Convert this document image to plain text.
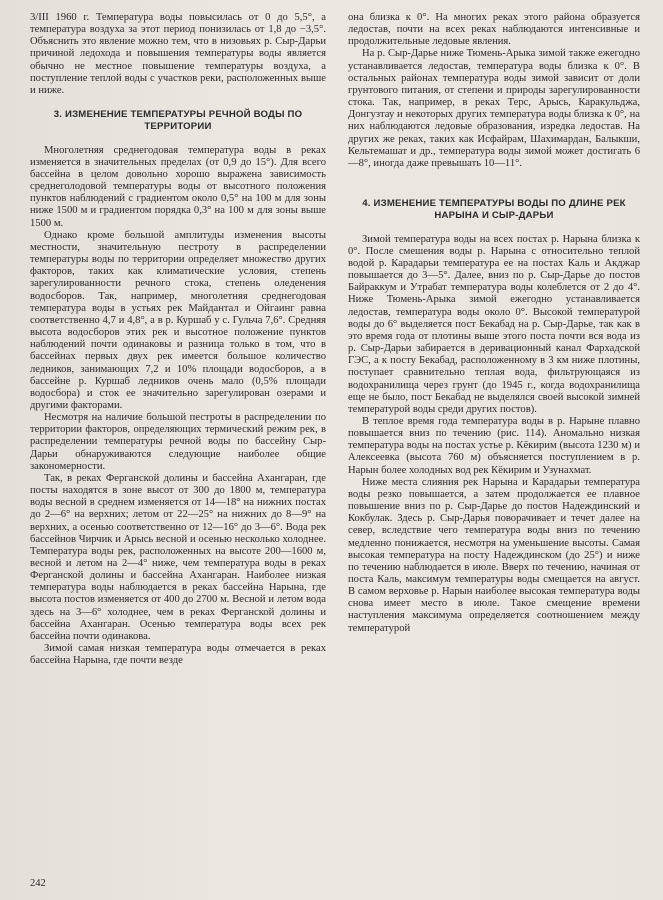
3/III 1960 г. Температура воды повысилась от 0 до 5,5°, а температура воздуха за этот период понизилась от 1,8 до −3,5°. Объяснить это явление можно тем, что в низовьях р. Сыр-Дарьи причиной ледохода и повышения температуры воды является обычно не местное повышение температуры воздуха, а поступление теплой воды с участков реки, расположенных выше и ниже.

3. ИЗМЕНЕНИЕ ТЕМПЕРАТУРЫ РЕЧНОЙ ВОДЫ ПО ТЕРРИТОРИИ

Многолетняя среднегодовая температура воды в реках изменяется в значительных пределах (от 0,9 до 15°). Для всего бассейна в целом довольно хорошо выражена зависимость среднеголодовой температуры воды от высотного положения пунктов наблюдений с градиентом около 0,5° на 100 м для зоны ниже 1500 м и градиентом порядка 0,3° на 100 м для зоны выше 1500 м.

Однако кроме большой амплитуды изменения высоты местности, значительную пестроту в распределении температуры воды по территории определяет множество других факторов, таких как климатические условия, степень зарегулированности речного стока, степень оледенения водосборов. Так, например, многолетняя среднегодовая температура воды в устьях рек Майдантал и Ойгаинг равна соответственно 4,7 и 4,8°, а в р. Куршаб у с. Гульча 7,6°. Средняя высота водосборов этих рек и высотное положение пунктов наблюдений почти одинаковы и разница только в том, что в бассейнах первых двух рек имеется большое количество ледников, занимающих 7,2 и 10% площади водосборов, а в бассейне р. Куршаб ледников очень мало (0,5% площади водосбора) и сток ее значительно зарегулирован озерами и другими факторами.

Несмотря на наличие большой пестроты в распределении по территории факторов, определяющих термический режим рек, в распределении температуры речной воды по бассейну Сыр-Дарьи обнаруживаются следующие наиболее общие закономерности.

Так, в реках Ферганской долины и бассейна Ахангаран, где посты находятся в зоне высот от 300 до 1800 м, температура воды весной в среднем изменяется от 14—18° на нижних постах до 2—6° на верхних; летом от 22—25° на нижних до 8—9° на верхних, а осенью соответственно от 12—16° до 3—6°. Вода рек бассейнов Чирчик и Арысь весной и осенью несколько холоднее. Температура воды рек, расположенных на высоте 200—1600 м, весной и летом на 2—4° ниже, чем температура воды в реках Ферганской долины и бассейна Ахангаран. Наиболее низкая температура воды наблюдается в реках бассейна Нарына, где высота постов изменяется от 400 до 2700 м. Весной и летом вода здесь на 3—6° холоднее, чем в реках Ферганской долины и бассейна Ахангаран. Осенью температура воды всех рек бассейна почти одинакова.

Зимой самая низкая температура воды отмечается в реках бассейна Нарына, где почти везде

она близка к 0°. На многих реках этого района образуется ледостав, почти на всех реках наблюдаются интенсивные и продолжительные ледовые явления.

На р. Сыр-Дарье ниже Тюмень-Арыка зимой также ежегодно устанавливается ледостав, температура воды близка к 0°. В остальных районах температура воды зимой зависит от доли грунтового питания, от степени и природы зарегулированности стока. Так, например, в реках Терс, Арысь, Каракульджа, Донгузтау и некоторых других температура воды близка к 0°, на них наблюдаются ледовые образования, изредка ледостав. На других же реках, таких как Исфайрам, Шахимардан, Балыкши, Кельтемашат и др., температура воды зимой может достигать 6—8°, иногда даже превышать 10—11°.

4. ИЗМЕНЕНИЕ ТЕМПЕРАТУРЫ ВОДЫ ПО ДЛИНЕ РЕК НАРЫНА И СЫР-ДАРЬИ

Зимой температура воды на всех постах р. Нарына близка к 0°. После смешения воды р. Нарына с относительно теплой водой р. Карадарьи температура ее на постах Каль и Акджар повышается до 3—5°. Далее, вниз по р. Сыр-Дарье до постов Байраккум и Утрабат температура воды колеблется от 2 до 4°. Ниже Тюмень-Арыка зимой ежегодно устанавливается ледостав, температура воды около 0°. Высокой температурой воды до 6° выделяется пост Бекабад на р. Сыр-Дарье, так как в это время года от плотины выше этого поста почти вся вода из р. Сыр-Дарьи забирается в деривационный канал Фархадской ГЭС, а к посту Бекабад, расположенному в 3 км ниже плотины, поступает сравнительно теплая вода, фильтрующаяся из водохранилища через грунт (до 1945 г., когда водохранилища еще не было, пост Бекабад не выделялся своей высокой зимней температурой воды среди других постов).

В теплое время года температура воды в р. Нарыне плавно повышается вниз по течению (рис. 114). Аномально низкая температура воды на постах устье р. Кёкирим (высота 1230 м) и Алексеевка (высота 760 м) объясняется поступлением в р. Нарын более холодных вод рек Кёкирим и Узунахмат.

Ниже места слияния рек Нарына и Карадарьи температура воды резко повышается, а затем продолжается ее плавное повышение вниз по р. Сыр-Дарье до постов Надеждинский и Кокбулак. Здесь р. Сыр-Дарья поворачивает и течет далее на север, вследствие чего температура воды вниз по течению медленно понижается, несмотря на уменьшение высоты. Самая высокая температура на посту Надеждинском (до 25°) и ниже по течению наблюдается в июле. Вверх по течению, начиная от поста Каль, максимум температуры воды смещается на август. В самом верховье р. Нарын наиболее высокая температура воды снова имеет место в июле. Такое смещение времени наступления максимума определяется соотношением между температурой

242
